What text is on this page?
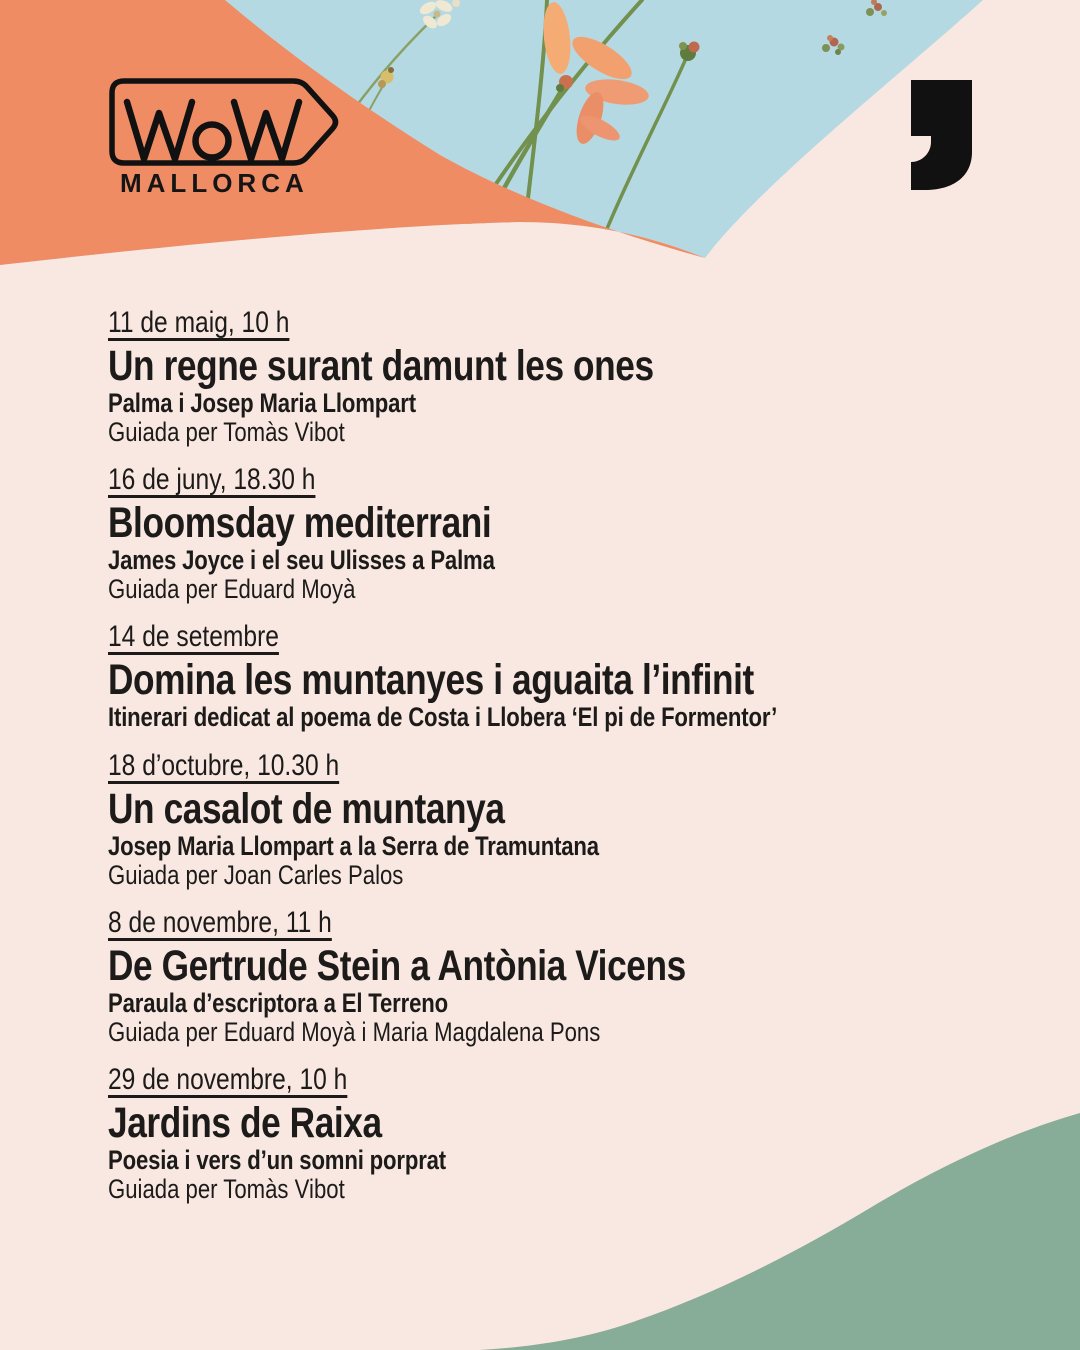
MALLORCA
11 de maig, 10 h
Un regne surant damunt les ones
Palma i Josep Maria Llompart
Guiada per Tomàs Vibot
16 de juny, 18.30 h
Bloomsday mediterrani
James Joyce i el seu Ulisses a Palma
Guiada per Eduard Moyà
14 de setembre
Domina les muntanyes i aguaita l’infinit
Itinerari dedicat al poema de Costa i Llobera ‘El pi de Formentor’
18 d’octubre, 10.30 h
Un casalot de muntanya
Josep Maria Llompart a la Serra de Tramuntana
Guiada per Joan Carles Palos
8 de novembre, 11 h
De Gertrude Stein a Antònia Vicens
Paraula d’escriptora a El Terreno
Guiada per Eduard Moyà i Maria Magdalena Pons
29 de novembre, 10 h
Jardins de Raixa
Poesia i vers d’un somni porprat
Guiada per Tomàs Vibot
